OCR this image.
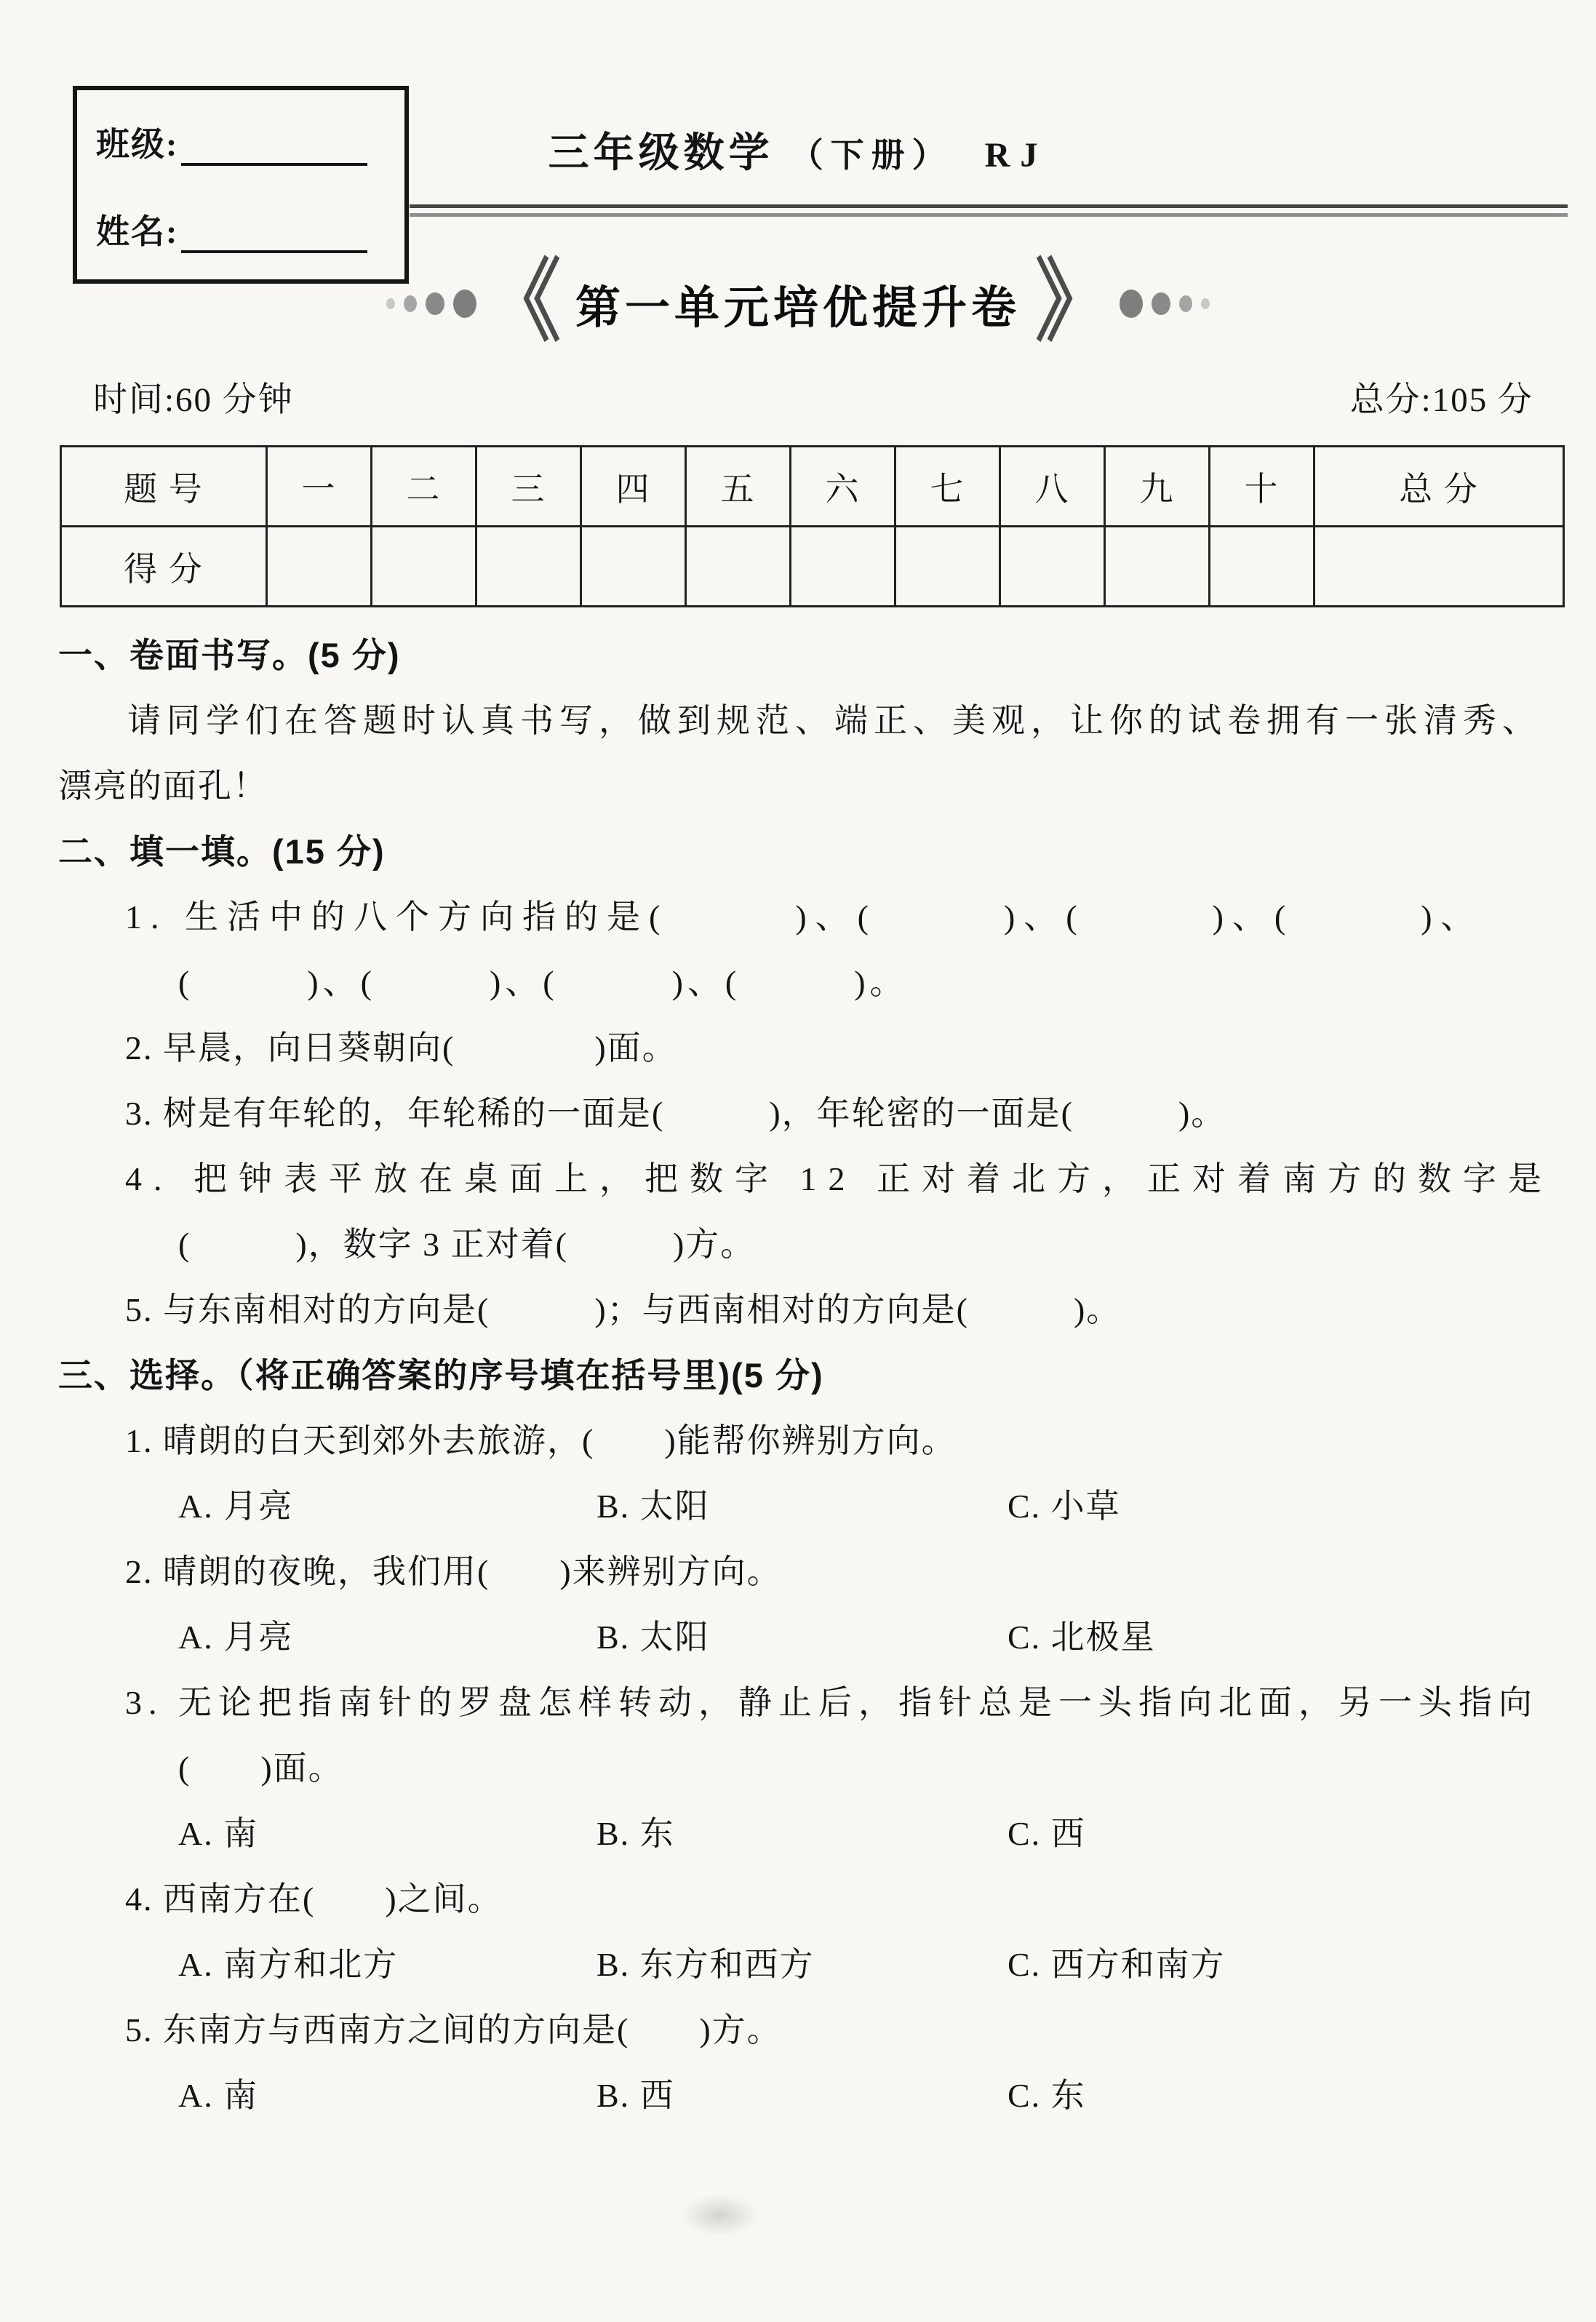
班级:
姓名:
三年级数学 （下册） RJ
《 第一单元培优提升卷 》
时间:60 分钟	总分:105 分
题 号	一	二	三	四	五	六	七	八	九	十	总 分
得 分											
一、卷面书写。(5 分)
请同学们在答题时认真书写，做到规范、端正、美观，让你的试卷拥有一张清秀、
漂亮的面孔！
二、填一填。(15 分)
1. 生活中的八个方向指的是(　　　)、(　　　)、(　　　)、(　　　)、
(　　　)、(　　　)、(　　　)、(　　　)。
2. 早晨，向日葵朝向(　　　　)面。
3. 树是有年轮的，年轮稀的一面是(　　　)，年轮密的一面是(　　　)。
4. 把钟表平放在桌面上，把数字 12 正对着北方，正对着南方的数字是
(　　　)，数字 3 正对着(　　　)方。
5. 与东南相对的方向是(　　　)；与西南相对的方向是(　　　)。
三、选择。（将正确答案的序号填在括号里)(5 分)
1. 晴朗的白天到郊外去旅游，(　　)能帮你辨别方向。
A. 月亮	B. 太阳	C. 小草
2. 晴朗的夜晚，我们用(　　)来辨别方向。
A. 月亮	B. 太阳	C. 北极星
3. 无论把指南针的罗盘怎样转动，静止后，指针总是一头指向北面，另一头指向
(　　)面。
A. 南	B. 东	C. 西
4. 西南方在(　　)之间。
A. 南方和北方	B. 东方和西方	C. 西方和南方
5. 东南方与西南方之间的方向是(　　)方。
A. 南	B. 西	C. 东
